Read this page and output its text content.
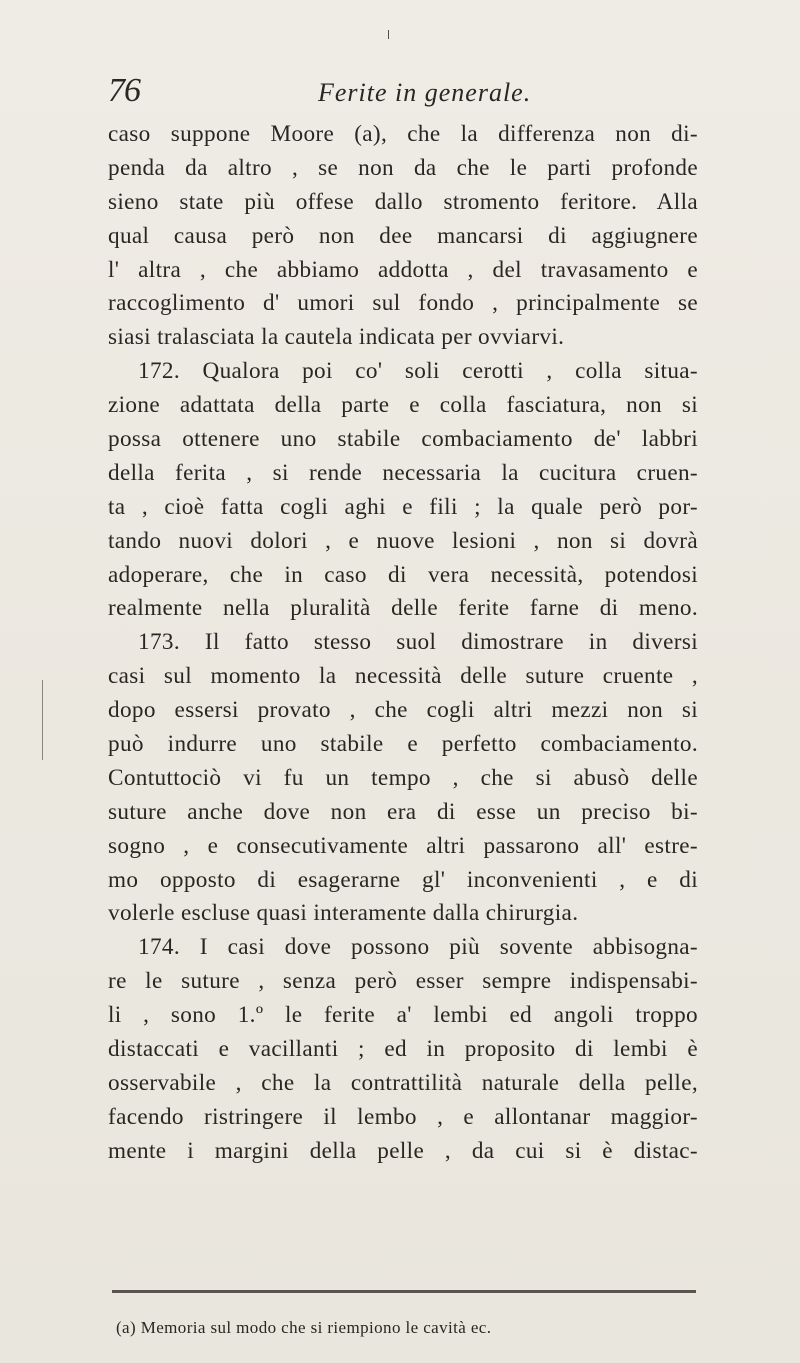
76	Ferite in generale.
caso suppone Moore (a), che la differenza non di-
penda da altro , se non da che le parti profonde
sieno state più offese dallo stromento feritore. Alla
qual causa però non dee mancarsi di aggiugnere
l' altra , che abbiamo addotta , del travasamento e
raccoglimento d' umori sul fondo , principalmente se
siasi tralasciata la cautela indicata per ovviarvi.
172. Qualora poi co' soli cerotti , colla situa-
zione adattata della parte e colla fasciatura, non si
possa ottenere uno stabile combaciamento de' labbri
della ferita , si rende necessaria la cucitura cruen-
ta , cioè fatta cogli aghi e fili ; la quale però por-
tando nuovi dolori , e nuove lesioni , non si dovrà
adoperare, che in caso di vera necessità, potendosi
realmente nella pluralità delle ferite farne di meno.
173. Il fatto stesso suol dimostrare in diversi
casi sul momento la necessità delle suture cruente ,
dopo essersi provato , che cogli altri mezzi non si
può indurre uno stabile e perfetto combaciamento.
Contuttociò vi fu un tempo , che si abusò delle
suture anche dove non era di esse un preciso bi-
sogno , e consecutivamente altri passarono all' estre-
mo opposto di esagerarne gl' inconvenienti , e di
volerle escluse quasi interamente dalla chirurgia.
174. I casi dove possono più sovente abbisogna-
re le suture , senza però esser sempre indispensabi-
li , sono 1.º le ferite a' lembi ed angoli troppo
distaccati e vacillanti ; ed in proposito di lembi è
osservabile , che la contrattilità naturale della pelle,
facendo ristringere il lembo , e allontanar maggior-
mente i margini della pelle , da cui si è distac-
(a) Memoria sul modo che si riempiono le cavità ec.
